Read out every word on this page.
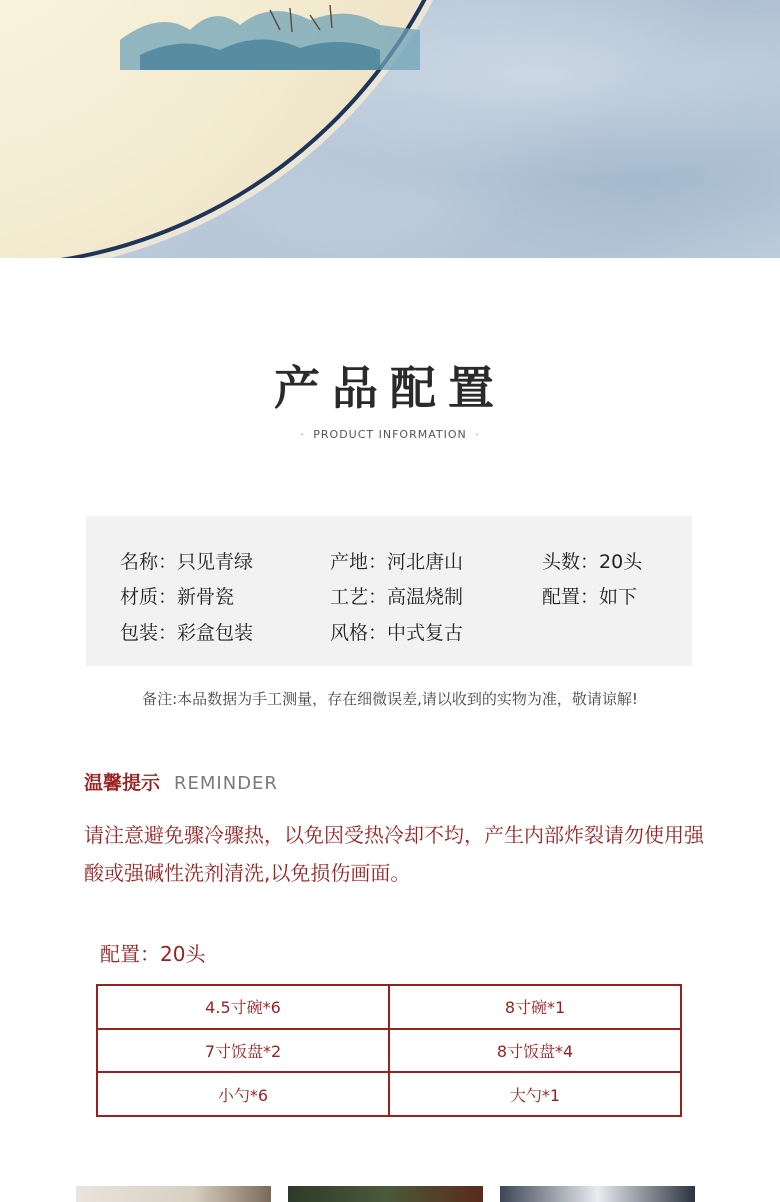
产品配置
· PRODUCT INFORMATION ·
名称：只见青绿	产地：河北唐山	头数：20头
材质：新骨瓷	工艺：高温烧制	配置：如下
包装：彩盒包装	风格：中式复古
备注:本品数据为手工测量，存在细微误差,请以收到的实物为准，敬请谅解!
温馨提示 REMINDER
请注意避免骤冷骤热，以免因受热冷却不均，产生内部炸裂请勿使用强酸或强碱性洗剂清洗,以免损伤画面。
配置：20头
4.5寸碗*6	8寸碗*1
7寸饭盘*2	8寸饭盘*4
小勺*6	大勺*1
